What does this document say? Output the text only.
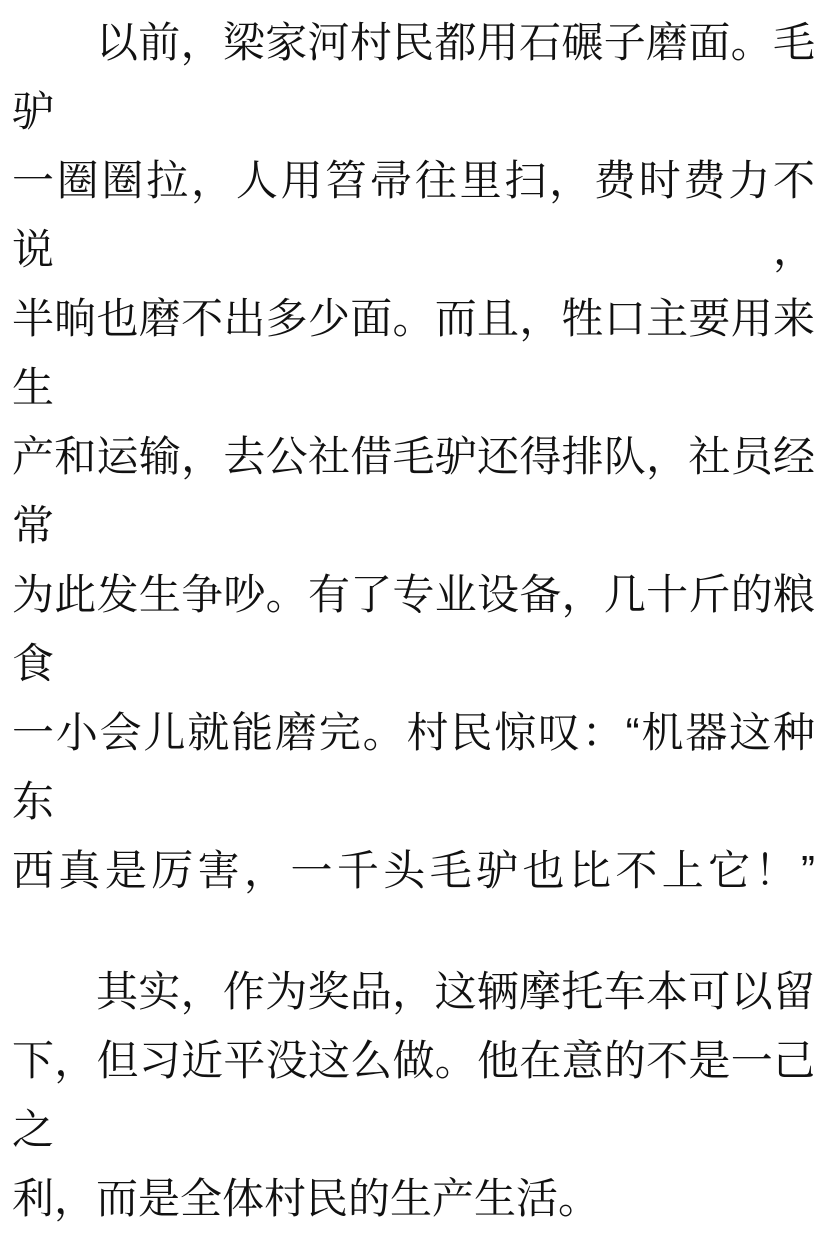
以前，梁家河村民都用石碾子磨面。毛驴
一圈圈拉，人用笤帚往里扫，费时费力不说，
半晌也磨不出多少面。而且，牲口主要用来生
产和运输，去公社借毛驴还得排队，社员经常
为此发生争吵。有了专业设备，几十斤的粮食
一小会儿就能磨完。村民惊叹：“机器这种东
西真是厉害，一千头毛驴也比不上它！”

其实，作为奖品，这辆摩托车本可以留
下，但习近平没这么做。他在意的不是一己之
利，而是全体村民的生产生活。
